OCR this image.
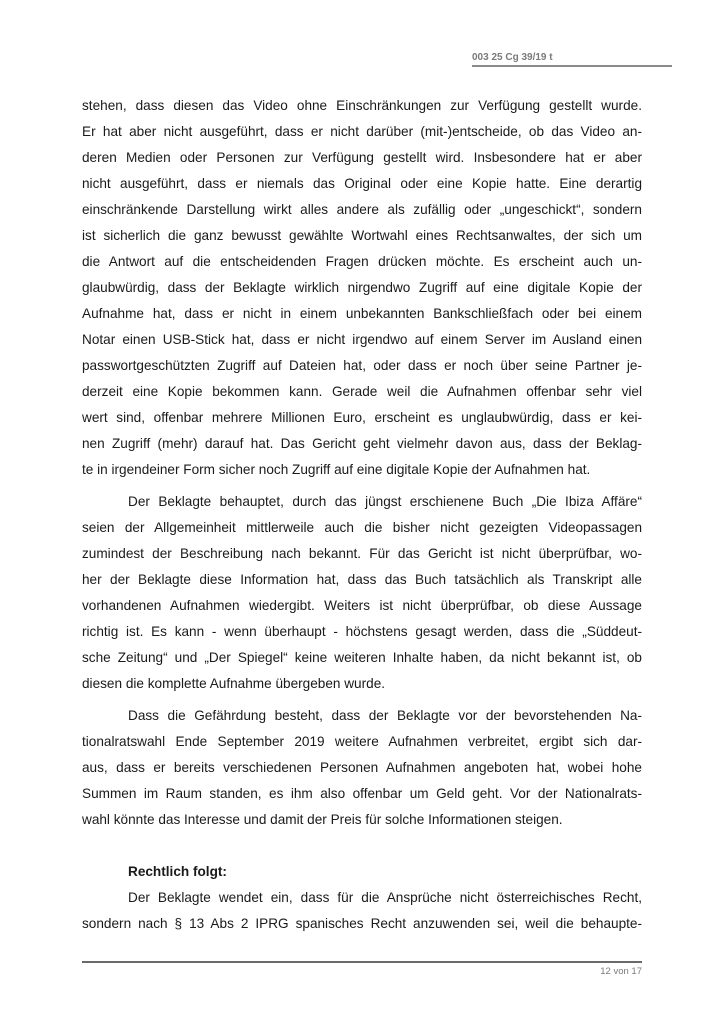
003 25 Cg 39/19 t
stehen, dass diesen das Video ohne Einschränkungen zur Verfügung gestellt wurde.
Er hat aber nicht ausgeführt, dass er nicht darüber (mit-)entscheide, ob das Video an-
deren Medien oder Personen zur Verfügung gestellt wird. Insbesondere hat er aber
nicht ausgeführt, dass er niemals das Original oder eine Kopie hatte. Eine derartig
einschränkende Darstellung wirkt alles andere als zufällig oder „ungeschickt“, sondern
ist sicherlich die ganz bewusst gewählte Wortwahl eines Rechtsanwaltes, der sich um
die Antwort auf die entscheidenden Fragen drücken möchte. Es erscheint auch un-
glaubwürdig, dass der Beklagte wirklich nirgendwo Zugriff auf eine digitale Kopie der
Aufnahme hat, dass er nicht in einem unbekannten Bankschließfach oder bei einem
Notar einen USB-Stick hat, dass er nicht irgendwo auf einem Server im Ausland einen
passwortgeschützten Zugriff auf Dateien hat, oder dass er noch über seine Partner je-
derzeit eine Kopie bekommen kann. Gerade weil die Aufnahmen offenbar sehr viel
wert sind, offenbar mehrere Millionen Euro, erscheint es unglaubwürdig, dass er kei-
nen Zugriff (mehr) darauf hat. Das Gericht geht vielmehr davon aus, dass der Beklag-
te in irgendeiner Form sicher noch Zugriff auf eine digitale Kopie der Aufnahmen hat.
Der Beklagte behauptet, durch das jüngst erschienene Buch „Die Ibiza Affäre“
seien der Allgemeinheit mittlerweile auch die bisher nicht gezeigten Videopassagen
zumindest der Beschreibung nach bekannt. Für das Gericht ist nicht überprüfbar, wo-
her der Beklagte diese Information hat, dass das Buch tatsächlich als Transkript alle
vorhandenen Aufnahmen wiedergibt. Weiters ist nicht überprüfbar, ob diese Aussage
richtig ist. Es kann - wenn überhaupt - höchstens gesagt werden, dass die „Süddeut-
sche Zeitung“ und „Der Spiegel“ keine weiteren Inhalte haben, da nicht bekannt ist, ob
diesen die komplette Aufnahme übergeben wurde.
Dass die Gefährdung besteht, dass der Beklagte vor der bevorstehenden Na-
tionalratswahl Ende September 2019 weitere Aufnahmen verbreitet, ergibt sich dar-
aus, dass er bereits verschiedenen Personen Aufnahmen angeboten hat, wobei hohe
Summen im Raum standen, es ihm also offenbar um Geld geht. Vor der Nationalrats-
wahl könnte das Interesse und damit der Preis für solche Informationen steigen.
Rechtlich folgt:
Der Beklagte wendet ein, dass für die Ansprüche nicht österreichisches Recht,
sondern nach § 13 Abs 2 IPRG spanisches Recht anzuwenden sei, weil die behaupte-
12 von 17
